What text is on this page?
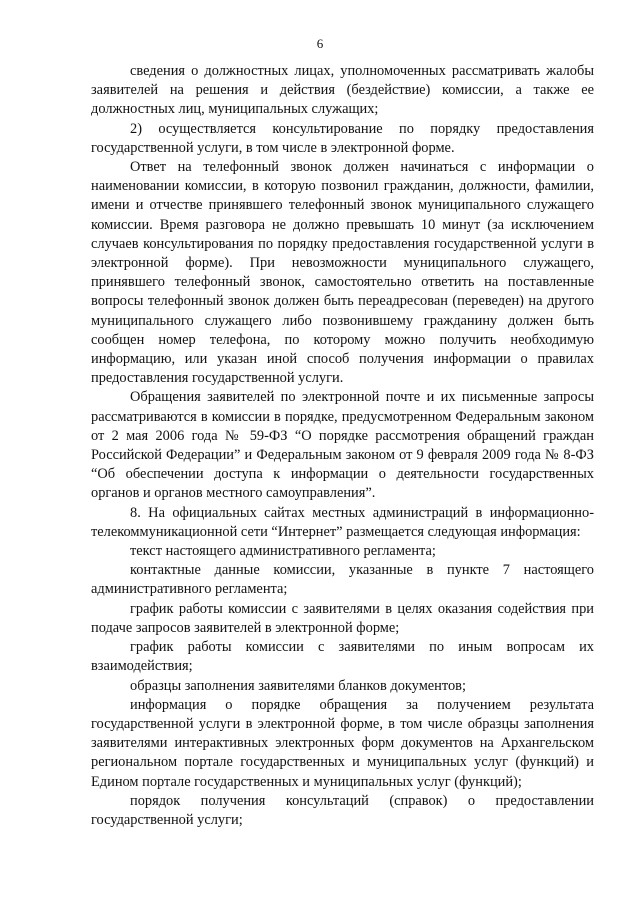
6

сведения о должностных лицах, уполномоченных рассматривать жалобы заявителей на решения и действия (бездействие) комиссии, а также ее должностных лиц, муниципальных служащих;

2) осуществляется консультирование по порядку предоставления государственной услуги, в том числе в электронной форме.

Ответ на телефонный звонок должен начинаться с информации о наименовании комиссии, в которую позвонил гражданин, должности, фамилии, имени и отчестве принявшего телефонный звонок муниципального служащего комиссии. Время разговора не должно превышать 10 минут (за исключением случаев консультирования по порядку предоставления государственной услуги в электронной форме). При невозможности муниципального служащего, принявшего телефонный звонок, самостоятельно ответить на поставленные вопросы телефонный звонок должен быть переадресован (переведен) на другого муниципального служащего либо позвонившему гражданину должен быть сообщен номер телефона, по которому можно получить необходимую информацию, или указан иной способ получения информации о правилах предоставления государственной услуги.

Обращения заявителей по электронной почте и их письменные запросы рассматриваются в комиссии в порядке, предусмотренном Федеральным законом от 2 мая 2006 года № 59-ФЗ “О порядке рассмотрения обращений граждан Российской Федерации” и Федеральным законом от 9 февраля 2009 года № 8-ФЗ “Об обеспечении доступа к информации о деятельности государственных органов и органов местного самоуправления”.

8. На официальных сайтах местных администраций в информационно-телекоммуникационной сети “Интернет” размещается следующая информация:

текст настоящего административного регламента;

контактные данные комиссии, указанные в пункте 7 настоящего административного регламента;

график работы комиссии с заявителями в целях оказания содействия при подаче запросов заявителей в электронной форме;

график работы комиссии с заявителями по иным вопросам их взаимодействия;

образцы заполнения заявителями бланков документов;

информация о порядке обращения за получением результата государственной услуги в электронной форме, в том числе образцы заполнения заявителями интерактивных электронных форм документов на Архангельском региональном портале государственных и муниципальных услуг (функций) и Едином портале государственных и муниципальных услуг (функций);

порядок получения консультаций (справок) о предоставлении государственной услуги;
